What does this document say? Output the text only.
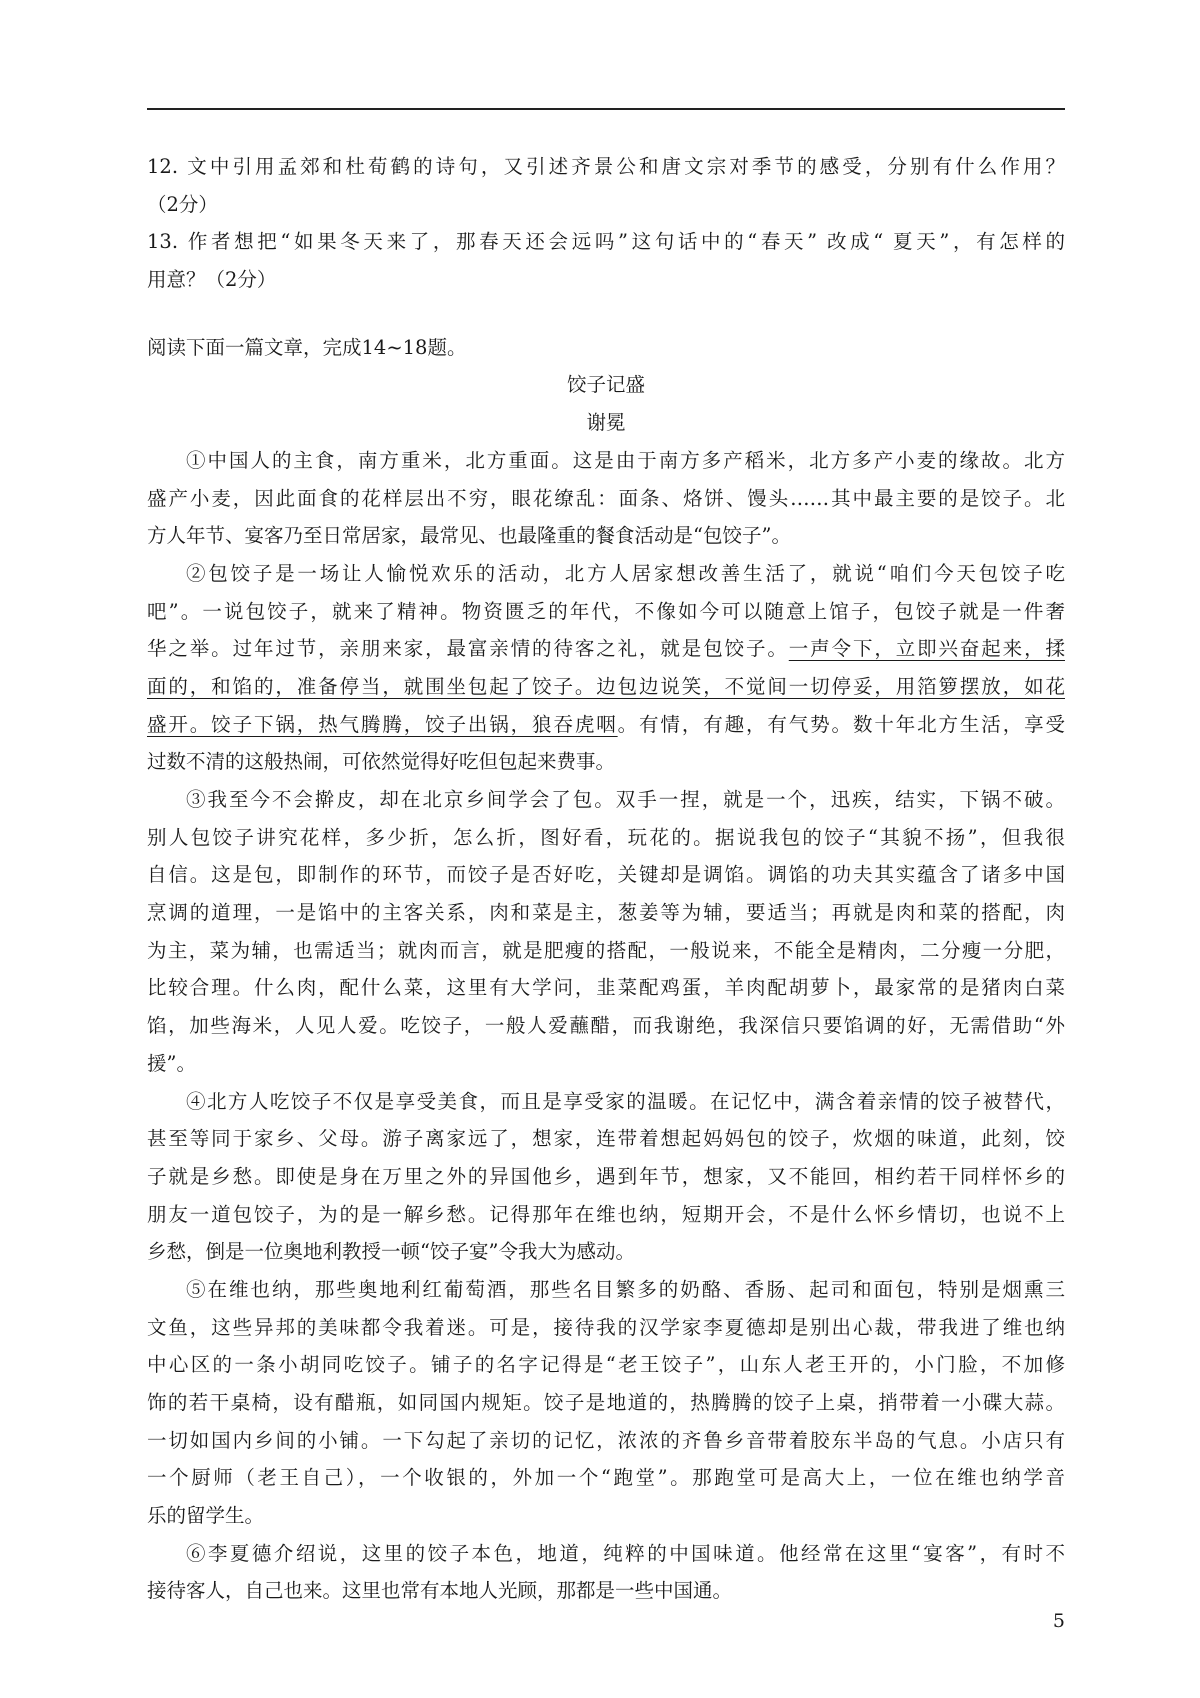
12. 文中引用孟郊和杜荀鹤的诗句，又引述齐景公和唐文宗对季节的感受，分别有什么作用？
（2分）
13. 作者想把“如果冬天来了，那春天还会远吗”这句话中的“春天” 改成“ 夏天”，有怎样的
用意？（2分）
阅读下面一篇文章，完成14~18题。
饺子记盛
谢冕
①中国人的主食，南方重米，北方重面。这是由于南方多产稻米，北方多产小麦的缘故。北方
盛产小麦，因此面食的花样层出不穷，眼花缭乱：面条、烙饼、馒头……其中最主要的是饺子。北
方人年节、宴客乃至日常居家，最常见、也最隆重的餐食活动是“包饺子”。
②包饺子是一场让人愉悦欢乐的活动，北方人居家想改善生活了，就说“咱们今天包饺子吃
吧”。一说包饺子，就来了精神。物资匮乏的年代，不像如今可以随意上馆子，包饺子就是一件奢
华之举。过年过节，亲朋来家，最富亲情的待客之礼，就是包饺子。一声令下，立即兴奋起来，揉
面的，和馅的，准备停当，就围坐包起了饺子。边包边说笑，不觉间一切停妥，用箔箩摆放，如花
盛开。饺子下锅，热气腾腾，饺子出锅，狼吞虎咽。有情，有趣，有气势。数十年北方生活，享受
过数不清的这般热闹，可依然觉得好吃但包起来费事。
③我至今不会擀皮，却在北京乡间学会了包。双手一捏，就是一个，迅疾，结实，下锅不破。
别人包饺子讲究花样，多少折，怎么折，图好看，玩花的。据说我包的饺子“其貌不扬”，但我很
自信。这是包，即制作的环节，而饺子是否好吃，关键却是调馅。调馅的功夫其实蕴含了诸多中国
烹调的道理，一是馅中的主客关系，肉和菜是主，葱姜等为辅，要适当；再就是肉和菜的搭配，肉
为主，菜为辅，也需适当；就肉而言，就是肥瘦的搭配，一般说来，不能全是精肉，二分瘦一分肥，
比较合理。什么肉，配什么菜，这里有大学问，韭菜配鸡蛋，羊肉配胡萝卜，最家常的是猪肉白菜
馅，加些海米，人见人爱。吃饺子，一般人爱蘸醋，而我谢绝，我深信只要馅调的好，无需借助“外
援”。
④北方人吃饺子不仅是享受美食，而且是享受家的温暖。在记忆中，满含着亲情的饺子被替代，
甚至等同于家乡、父母。游子离家远了，想家，连带着想起妈妈包的饺子，炊烟的味道，此刻，饺
子就是乡愁。即使是身在万里之外的异国他乡，遇到年节，想家，又不能回，相约若干同样怀乡的
朋友一道包饺子，为的是一解乡愁。记得那年在维也纳，短期开会，不是什么怀乡情切，也说不上
乡愁，倒是一位奥地利教授一顿“饺子宴”令我大为感动。
⑤在维也纳，那些奥地利红葡萄酒，那些名目繁多的奶酪、香肠、起司和面包，特别是烟熏三
文鱼，这些异邦的美味都令我着迷。可是，接待我的汉学家李夏德却是别出心裁，带我进了维也纳
中心区的一条小胡同吃饺子。铺子的名字记得是“老王饺子”，山东人老王开的，小门脸，不加修
饰的若干桌椅，设有醋瓶，如同国内规矩。饺子是地道的，热腾腾的饺子上桌，捎带着一小碟大蒜。
一切如国内乡间的小铺。一下勾起了亲切的记忆，浓浓的齐鲁乡音带着胶东半岛的气息。小店只有
一个厨师（老王自己），一个收银的，外加一个“跑堂”。那跑堂可是高大上，一位在维也纳学音
乐的留学生。
⑥李夏德介绍说，这里的饺子本色，地道，纯粹的中国味道。他经常在这里“宴客”，有时不
接待客人，自己也来。这里也常有本地人光顾，那都是一些中国通。
5
